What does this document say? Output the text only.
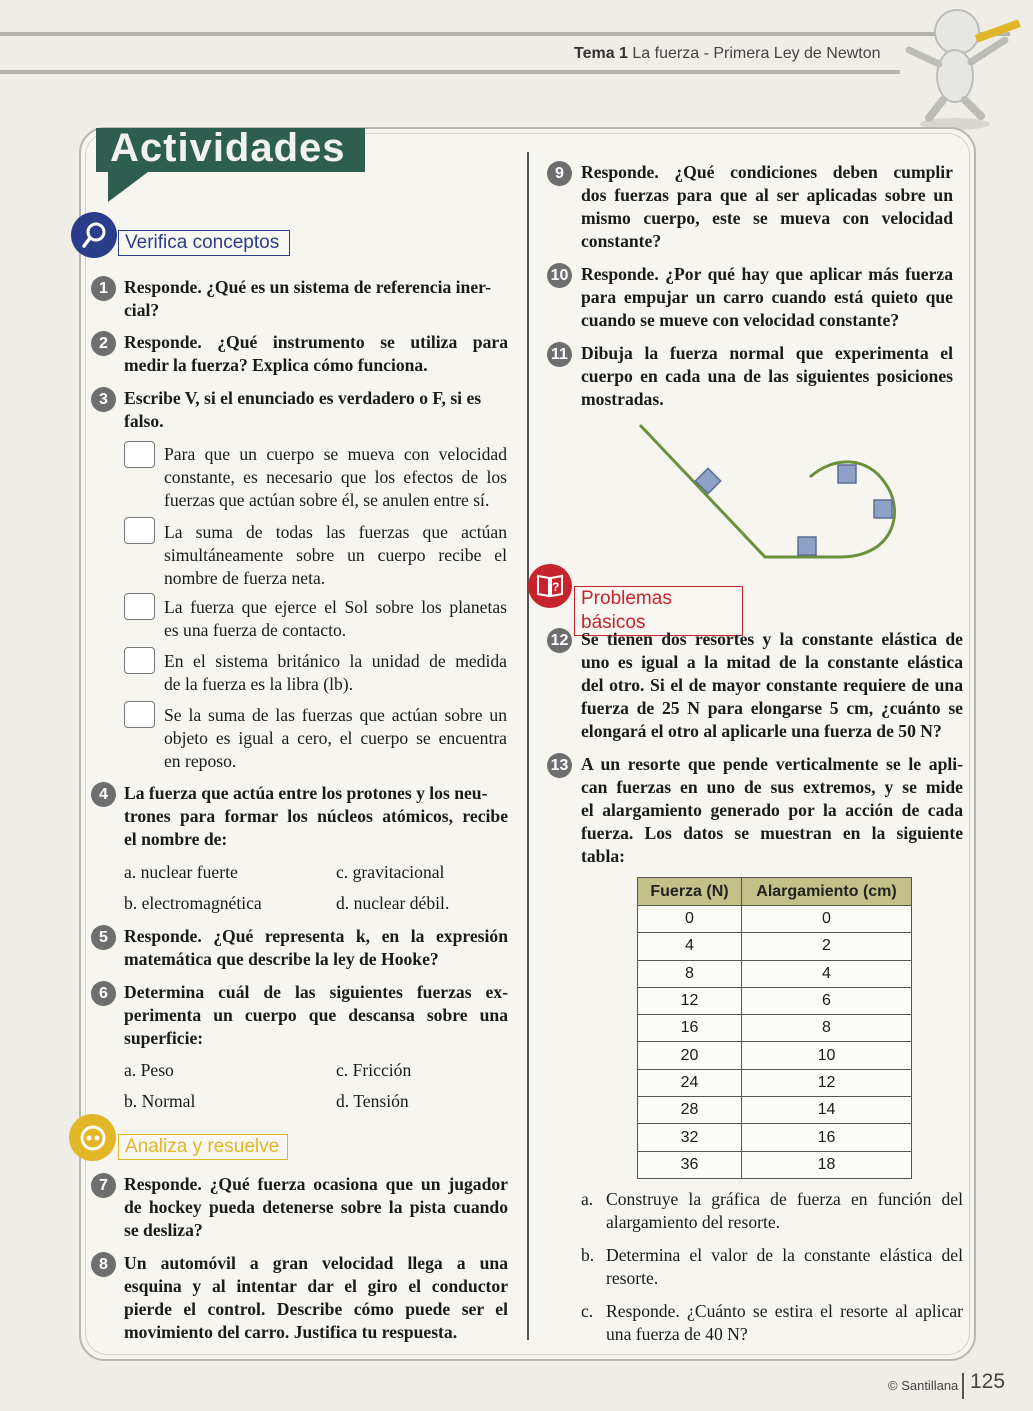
Tema 1 La fuerza - Primera Ley de Newton
Actividades
Verifica conceptos
1 Responde. ¿Qué es un sistema de referencia iner-
cial?
2 Responde. ¿Qué instrumento se utiliza para
medir la fuerza? Explica cómo funciona.
3 Escribe V, si el enunciado es verdadero o F, si es
falso.
Para que un cuerpo se mueva con velocidad
constante, es necesario que los efectos de los
fuerzas que actúan sobre él, se anulen entre sí.
La suma de todas las fuerzas que actúan
simultáneamente sobre un cuerpo recibe el
nombre de fuerza neta.
La fuerza que ejerce el Sol sobre los planetas
es una fuerza de contacto.
En el sistema británico la unidad de medida
de la fuerza es la libra (lb).
Se la suma de las fuerzas que actúan sobre un
objeto es igual a cero, el cuerpo se encuentra
en reposo.
4 La fuerza que actúa entre los protones y los neu-
trones para formar los núcleos atómicos, recibe
el nombre de:
a. nuclear fuerte	c. gravitacional
b. electromagnética	d. nuclear débil.
5 Responde. ¿Qué representa k, en la expresión
matemática que describe la ley de Hooke?
6 Determina cuál de las siguientes fuerzas ex-
perimenta un cuerpo que descansa sobre una
superficie:
a. Peso	c. Fricción
b. Normal	d. Tensión
Analiza y resuelve
7 Responde. ¿Qué fuerza ocasiona que un jugador
de hockey pueda detenerse sobre la pista cuando
se desliza?
8 Un automóvil a gran velocidad llega a una
esquina y al intentar dar el giro el conductor
pierde el control. Describe cómo puede ser el
movimiento del carro. Justifica tu respuesta.
9 Responde. ¿Qué condiciones deben cumplir
dos fuerzas para que al ser aplicadas sobre un
mismo cuerpo, este se mueva con velocidad
constante?
10 Responde. ¿Por qué hay que aplicar más fuerza
para empujar un carro cuando está quieto que
cuando se mueve con velocidad constante?
11 Dibuja la fuerza normal que experimenta el
cuerpo en cada una de las siguientes posiciones
mostradas.
?
Problemas básicos
12 Se tienen dos resortes y la constante elástica de
uno es igual a la mitad de la constante elástica
del otro. Si el de mayor constante requiere de una
fuerza de 25 N para elongarse 5 cm, ¿cuánto se
elongará el otro al aplicarle una fuerza de 50 N?
13 A un resorte que pende verticalmente se le apli-
can fuerzas en uno de sus extremos, y se mide
el alargamiento generado por la acción de cada
fuerza. Los datos se muestran en la siguiente
tabla:
Fuerza (N)	Alargamiento (cm)
0	0
4	2
8	4
12	6
16	8
20	10
24	12
28	14
32	16
36	18
a. Construye la gráfica de fuerza en función del
alargamiento del resorte.
b. Determina el valor de la constante elástica del
resorte.
c. Responde. ¿Cuánto se estira el resorte al aplicar
una fuerza de 40 N?
© Santillana 125
